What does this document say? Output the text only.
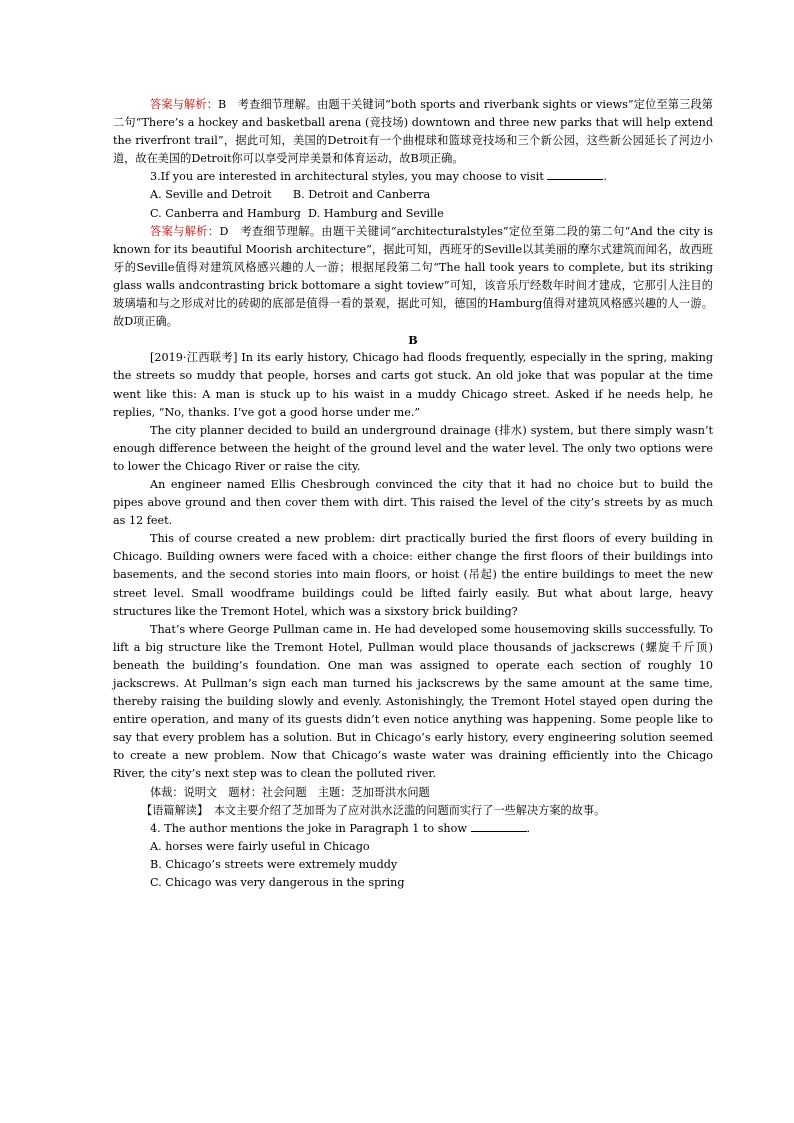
答案与解析：B　考查细节理解。由题干关键词“both sports and riverbank sights or views”定位至第三段第二句“There’s a hockey and basketball arena (竞技场) downtown and three new parks that will help extend the riverfront trail”，据此可知，美国的Detroit有一个曲棍球和篮球竞技场和三个新公园，这些新公园延长了河边小道，故在美国的Detroit你可以享受河岸美景和体育运动，故B项正确。

3.If you are interested in architectural styles, you may choose to visit	.

A. Seville and Detroit      B. Detroit and Canberra

C. Canberra and Hamburg  D. Hamburg and Seville

答案与解析：D　考查细节理解。由题干关键词“architecturalstyles”定位至第二段的第二句“And the city is known for its beautiful Moorish architecture”，据此可知，西班牙的Seville以其美丽的摩尔式建筑而闻名，故西班牙的Seville值得对建筑风格感兴趣的人一游；根据尾段第二句“The hall took years to complete, but its striking glass walls andcontrasting brick bottomare a sight toview”可知，该音乐厅经数年时间才建成，它那引人注目的玻璃墙和与之形成对比的砖砌的底部是值得一看的景观，据此可知，德国的Hamburg值得对建筑风格感兴趣的人一游。故D项正确。

B

[2019·江西联考] In its early history, Chicago had floods frequently, especially in the spring, making the streets so muddy that people, horses and carts got stuck. An old joke that was popular at the time went like this: A man is stuck up to his waist in a muddy Chicago street. Asked if he needs help, he replies, “No, thanks. I’ve got a good horse under me.”

The city planner decided to build an underground drainage (排水) system, but there simply wasn’t enough difference between the height of the ground level and the water level. The only two options were to lower the Chicago River or raise the city.

An engineer named Ellis Chesbrough convinced the city that it had no choice but to build the pipes above ground and then cover them with dirt. This raised the level of the city’s streets by as much as 12 feet.

This of course created a new problem: dirt practically buried the first floors of every building in Chicago. Building owners were faced with a choice: either change the first floors of their buildings into basements, and the second stories into main floors, or hoist (吊起) the entire buildings to meet the new street level. Small woodframe buildings could be lifted fairly easily. But what about large, heavy structures like the Tremont Hotel, which was a sixstory brick building?

That’s where George Pullman came in. He had developed some housemoving skills successfully. To lift a big structure like the Tremont Hotel, Pullman would place thousands of jackscrews (螺旋千斤顶) beneath the building’s foundation. One man was assigned to operate each section of roughly 10 jackscrews. At Pullman’s sign each man turned his jackscrews by the same amount at the same time, thereby raising the building slowly and evenly. Astonishingly, the Tremont Hotel stayed open during the entire operation, and many of its guests didn’t even notice anything was happening. Some people like to say that every problem has a solution. But in Chicago’s early history, every engineering solution seemed to create a new problem. Now that Chicago’s waste water was draining efficiently into the Chicago River, the city’s next step was to clean the polluted river.

体裁：说明文　题材：社会问题　主题：芝加哥洪水问题

【语篇解读】　本文主要介绍了芝加哥为了应对洪水泛滥的问题而实行了一些解决方案的故事。

4. The author mentions the joke in Paragraph 1 to show	.

A. horses were fairly useful in Chicago

B. Chicago’s streets were extremely muddy

C. Chicago was very dangerous in the spring
